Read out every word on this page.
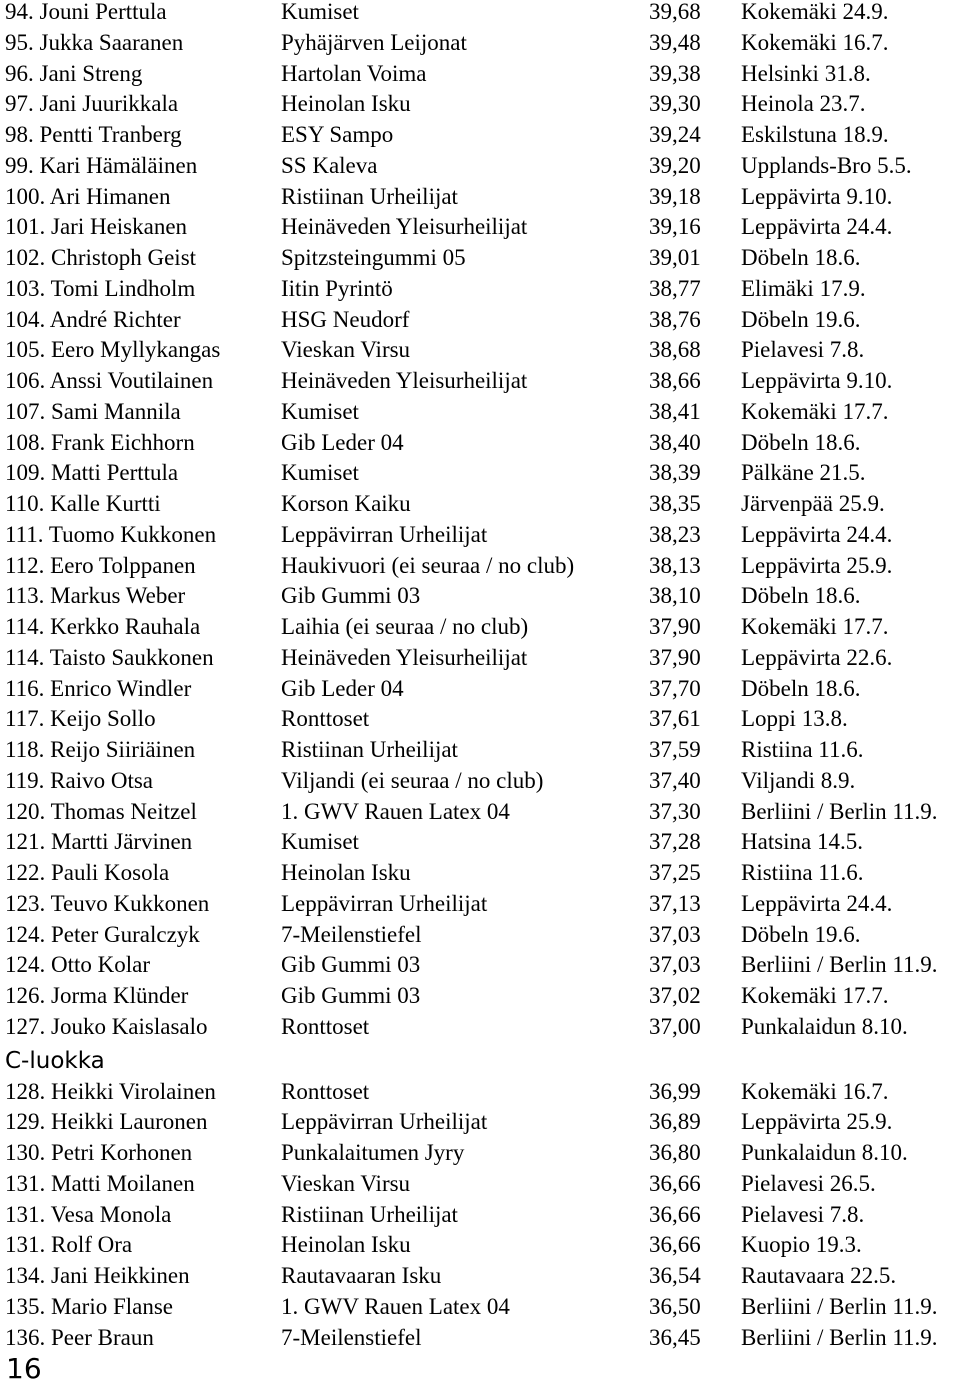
94. Jouni Perttula	Kumiset	39,68 Kokemäki 24.9.
95. Jukka Saaranen	Pyhäjärven Leijonat	39,48 Kokemäki 16.7.
96. Jani Streng	Hartolan Voima	39,38 Helsinki 31.8.
97. Jani Juurikkala	Heinolan Isku	39,30 Heinola 23.7.
98. Pentti Tranberg	ESY Sampo	39,24 Eskilstuna 18.9.
99. Kari Hämäläinen	SS Kaleva	39,20 Upplands-Bro 5.5.
100. Ari Himanen	Ristiinan Urheilijat	39,18 Leppävirta 9.10.
101. Jari Heiskanen	Heinäveden Yleisurheilijat	39,16 Leppävirta 24.4.
102. Christoph Geist	Spitzsteingummi 05	39,01 Döbeln 18.6.
103. Tomi Lindholm	Iitin Pyrintö	38,77 Elimäki 17.9.
104. André Richter	HSG Neudorf	38,76 Döbeln 19.6.
105. Eero Myllykangas	Vieskan Virsu	38,68 Pielavesi 7.8.
106. Anssi Voutilainen	Heinäveden Yleisurheilijat	38,66 Leppävirta 9.10.
107. Sami Mannila	Kumiset	38,41 Kokemäki 17.7.
108. Frank Eichhorn	Gib Leder 04	38,40 Döbeln 18.6.
109. Matti Perttula	Kumiset	38,39 Pälkäne 21.5.
110. Kalle Kurtti	Korson Kaiku	38,35 Järvenpää 25.9.
111. Tuomo Kukkonen	Leppävirran Urheilijat	38,23 Leppävirta 24.4.
112. Eero Tolppanen	Haukivuori (ei seuraa / no club)	38,13 Leppävirta 25.9.
113. Markus Weber	Gib Gummi 03	38,10 Döbeln 18.6.
114. Kerkko Rauhala	Laihia (ei seuraa / no club)	37,90 Kokemäki 17.7.
114. Taisto Saukkonen	Heinäveden Yleisurheilijat	37,90 Leppävirta 22.6.
116. Enrico Windler	Gib Leder 04	37,70 Döbeln 18.6.
117. Keijo Sollo	Ronttoset	37,61 Loppi 13.8.
118. Reijo Siiriäinen	Ristiinan Urheilijat	37,59 Ristiina 11.6.
119. Raivo Otsa	Viljandi (ei seuraa / no club)	37,40 Viljandi 8.9.
120. Thomas Neitzel	1. GWV Rauen Latex 04	37,30 Berliini / Berlin 11.9.
121. Martti Järvinen	Kumiset	37,28 Hatsina 14.5.
122. Pauli Kosola	Heinolan Isku	37,25 Ristiina 11.6.
123. Teuvo Kukkonen	Leppävirran Urheilijat	37,13 Leppävirta 24.4.
124. Peter Guralczyk	7-Meilenstiefel	37,03 Döbeln 19.6.
124. Otto Kolar	Gib Gummi 03	37,03 Berliini / Berlin 11.9.
126. Jorma Klünder	Gib Gummi 03	37,02 Kokemäki 17.7.
127. Jouko Kaislasalo	Ronttoset	37,00 Punkalaidun 8.10.
C-luokka
128. Heikki Virolainen	Ronttoset	36,99 Kokemäki 16.7.
129. Heikki Lauronen	Leppävirran Urheilijat	36,89 Leppävirta 25.9.
130. Petri Korhonen	Punkalaitumen Jyry	36,80 Punkalaidun 8.10.
131. Matti Moilanen	Vieskan Virsu	36,66 Pielavesi 26.5.
131. Vesa Monola	Ristiinan Urheilijat	36,66 Pielavesi 7.8.
131. Rolf Ora	Heinolan Isku	36,66 Kuopio 19.3.
134. Jani Heikkinen	Rautavaaran Isku	36,54 Rautavaara 22.5.
135. Mario Flanse	1. GWV Rauen Latex 04	36,50 Berliini / Berlin 11.9.
136. Peer Braun	7-Meilenstiefel	36,45 Berliini / Berlin 11.9.
16
